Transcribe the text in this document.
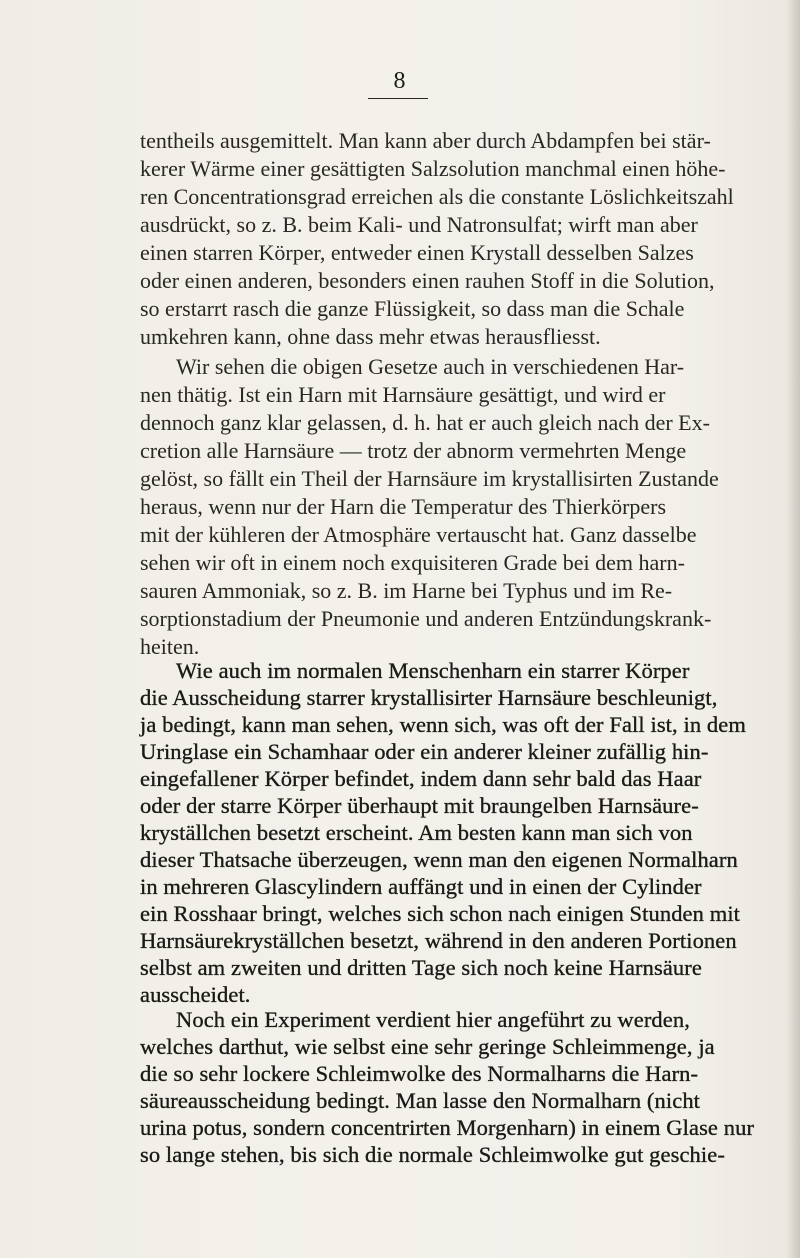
8
tentheils ausgemittelt. Man kann aber durch Abdampfen bei stär-
kerer Wärme einer gesättigten Salzsolution manchmal einen höhe-
ren Concentrationsgrad erreichen als die constante Löslichkeitszahl
ausdrückt, so z. B. beim Kali- und Natronsulfat; wirft man aber
einen starren Körper, entweder einen Krystall desselben Salzes
oder einen anderen, besonders einen rauhen Stoff in die Solution,
so erstarrt rasch die ganze Flüssigkeit, so dass man die Schale
umkehren kann, ohne dass mehr etwas herausfliesst.
Wir sehen die obigen Gesetze auch in verschiedenen Har-
nen thätig. Ist ein Harn mit Harnsäure gesättigt, und wird er
dennoch ganz klar gelassen, d. h. hat er auch gleich nach der Ex-
cretion alle Harnsäure — trotz der abnorm vermehrten Menge
gelöst, so fällt ein Theil der Harnsäure im krystallisirten Zustande
heraus, wenn nur der Harn die Temperatur des Thierkörpers
mit der kühleren der Atmosphäre vertauscht hat. Ganz dasselbe
sehen wir oft in einem noch exquisiteren Grade bei dem harn-
sauren Ammoniak, so z. B. im Harne bei Typhus und im Re-
sorptionstadium der Pneumonie und anderen Entzündungskrank-
heiten.
Wie auch im normalen Menschenharn ein starrer Körper
die Ausscheidung starrer krystallisirter Harnsäure beschleunigt,
ja bedingt, kann man sehen, wenn sich, was oft der Fall ist, in dem
Uringlase ein Schamhaar oder ein anderer kleiner zufällig hin-
eingefallener Körper befindet, indem dann sehr bald das Haar
oder der starre Körper überhaupt mit braungelben Harnsäure-
kryställchen besetzt erscheint. Am besten kann man sich von
dieser Thatsache überzeugen, wenn man den eigenen Normalharn
in mehreren Glascylindern auffängt und in einen der Cylinder
ein Rosshaar bringt, welches sich schon nach einigen Stunden mit
Harnsäurekryställchen besetzt, während in den anderen Portionen
selbst am zweiten und dritten Tage sich noch keine Harnsäure
ausscheidet.
Noch ein Experiment verdient hier angeführt zu werden,
welches darthut, wie selbst eine sehr geringe Schleimmenge, ja
die so sehr lockere Schleimwolke des Normalharns die Harn-
säureausscheidung bedingt. Man lasse den Normalharn (nicht
urina potus, sondern concentrirten Morgenharn) in einem Glase nur
so lange stehen, bis sich die normale Schleimwolke gut geschie-
